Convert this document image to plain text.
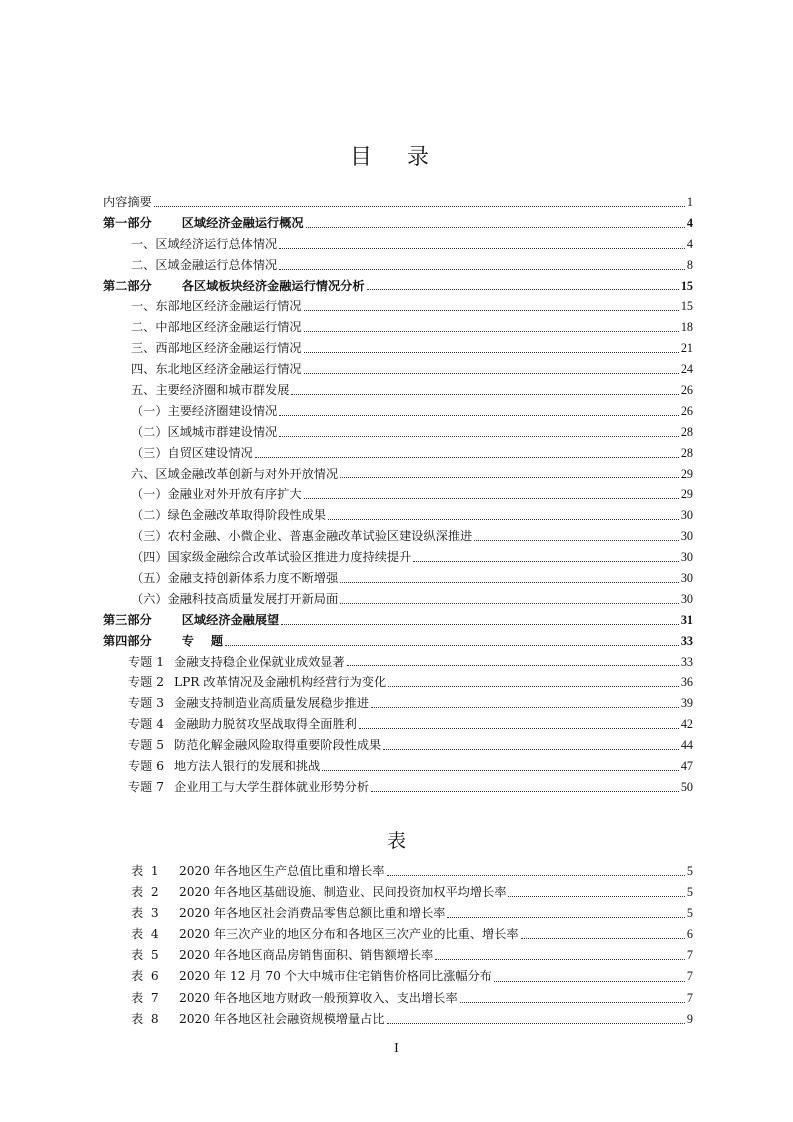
目 录
内容摘要	1
第一部分 区域经济金融运行概况	4
一、区域经济运行总体情况	4
二、区域金融运行总体情况	8
第二部分 各区域板块经济金融运行情况分析	15
一、东部地区经济金融运行情况	15
二、中部地区经济金融运行情况	18
三、西部地区经济金融运行情况	21
四、东北地区经济金融运行情况	24
五、主要经济圈和城市群发展	26
（一）主要经济圈建设情况	26
（二）区域城市群建设情况	28
（三）自贸区建设情况	28
六、区域金融改革创新与对外开放情况	29
（一）金融业对外开放有序扩大	29
（二）绿色金融改革取得阶段性成果	30
（三）农村金融、小微企业、普惠金融改革试验区建设纵深推进	30
（四）国家级金融综合改革试验区推进力度持续提升	30
（五）金融支持创新体系力度不断增强	30
（六）金融科技高质量发展打开新局面	30
第三部分 区域经济金融展望	31
第四部分 专    题	33
专题 1 金融支持稳企业保就业成效显著	33
专题 2 LPR 改革情况及金融机构经营行为变化	36
专题 3 金融支持制造业高质量发展稳步推进	39
专题 4 金融助力脱贫攻坚战取得全面胜利	42
专题 5 防范化解金融风险取得重要阶段性成果	44
专题 6 地方法人银行的发展和挑战	47
专题 7 企业用工与大学生群体就业形势分析	50
表
表  1	2020 年各地区生产总值比重和增长率	5
表  2	2020 年各地区基础设施、制造业、民间投资加权平均增长率	5
表  3	2020 年各地区社会消费品零售总额比重和增长率	5
表  4	2020 年三次产业的地区分布和各地区三次产业的比重、增长率	6
表  5	2020 年各地区商品房销售面积、销售额增长率	7
表  6	2020 年 12 月 70 个大中城市住宅销售价格同比涨幅分布	7
表  7	2020 年各地区地方财政一般预算收入、支出增长率	7
表  8	2020 年各地区社会融资规模增量占比	9
I
